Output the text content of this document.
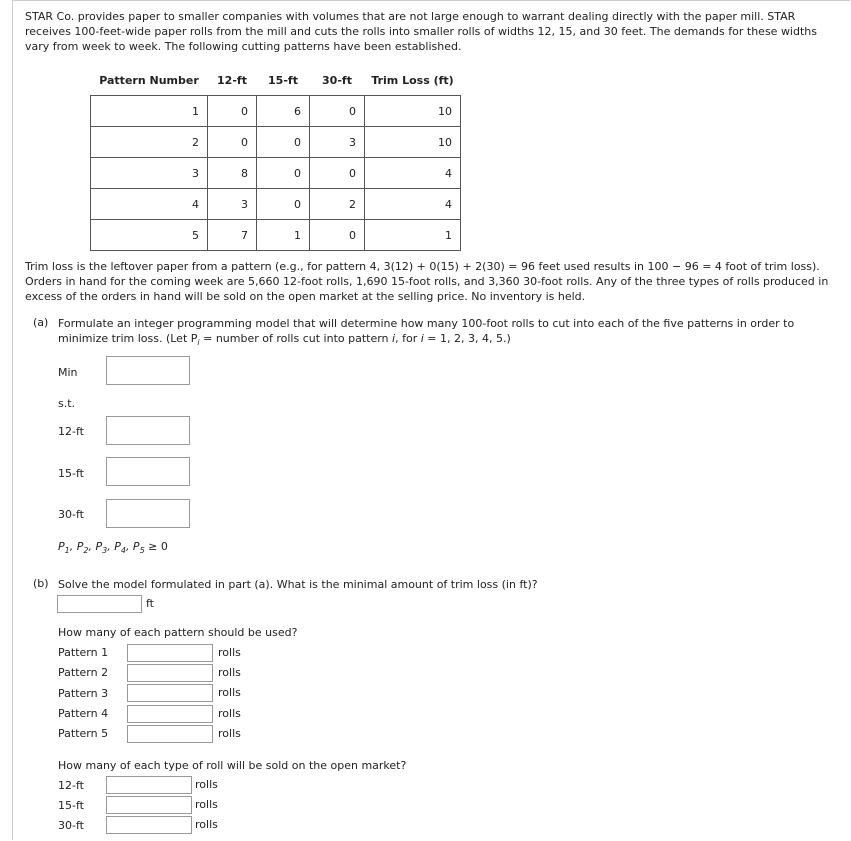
STAR Co. provides paper to smaller companies with volumes that are not large enough to warrant dealing directly with the paper mill. STAR receives 100-feet-wide paper rolls from the mill and cuts the rolls into smaller rolls of widths 12, 15, and 30 feet. The demands for these widths vary from week to week. The following cutting patterns have been established.

Pattern Number	12-ft	15-ft	30-ft	Trim Loss (ft)
1	0	6	0	10
2	0	0	3	10
3	8	0	0	4
4	3	0	2	4
5	7	1	0	1

Trim loss is the leftover paper from a pattern (e.g., for pattern 4, 3(12) + 0(15) + 2(30) = 96 feet used results in 100 − 96 = 4 foot of trim loss). Orders in hand for the coming week are 5,660 12-foot rolls, 1,690 15-foot rolls, and 3,360 30-foot rolls. Any of the three types of rolls produced in excess of the orders in hand will be sold on the open market at the selling price. No inventory is held.

(a) Formulate an integer programming model that will determine how many 100-foot rolls to cut into each of the five patterns in order to

minimize trim loss. (Let $P_i$ = number of rolls cut into pattern i, for i = 1, 2, 3, 4, 5.)

Min
s.t.
12-ft
15-ft
30-ft

$P_1$, $P_2$, $P_3$, $P_4$, $P_5 \ge 0$

(b) Solve the model formulated in part (a). What is the minimal amount of trim loss (in ft)?

ft

How many of each pattern should be used?

Pattern 1	rolls
Pattern 2	rolls
Pattern 3	rolls
Pattern 4	rolls
Pattern 5	rolls

How many of each type of roll will be sold on the open market?

12-ft	rolls
15-ft	rolls
30-ft	rolls
